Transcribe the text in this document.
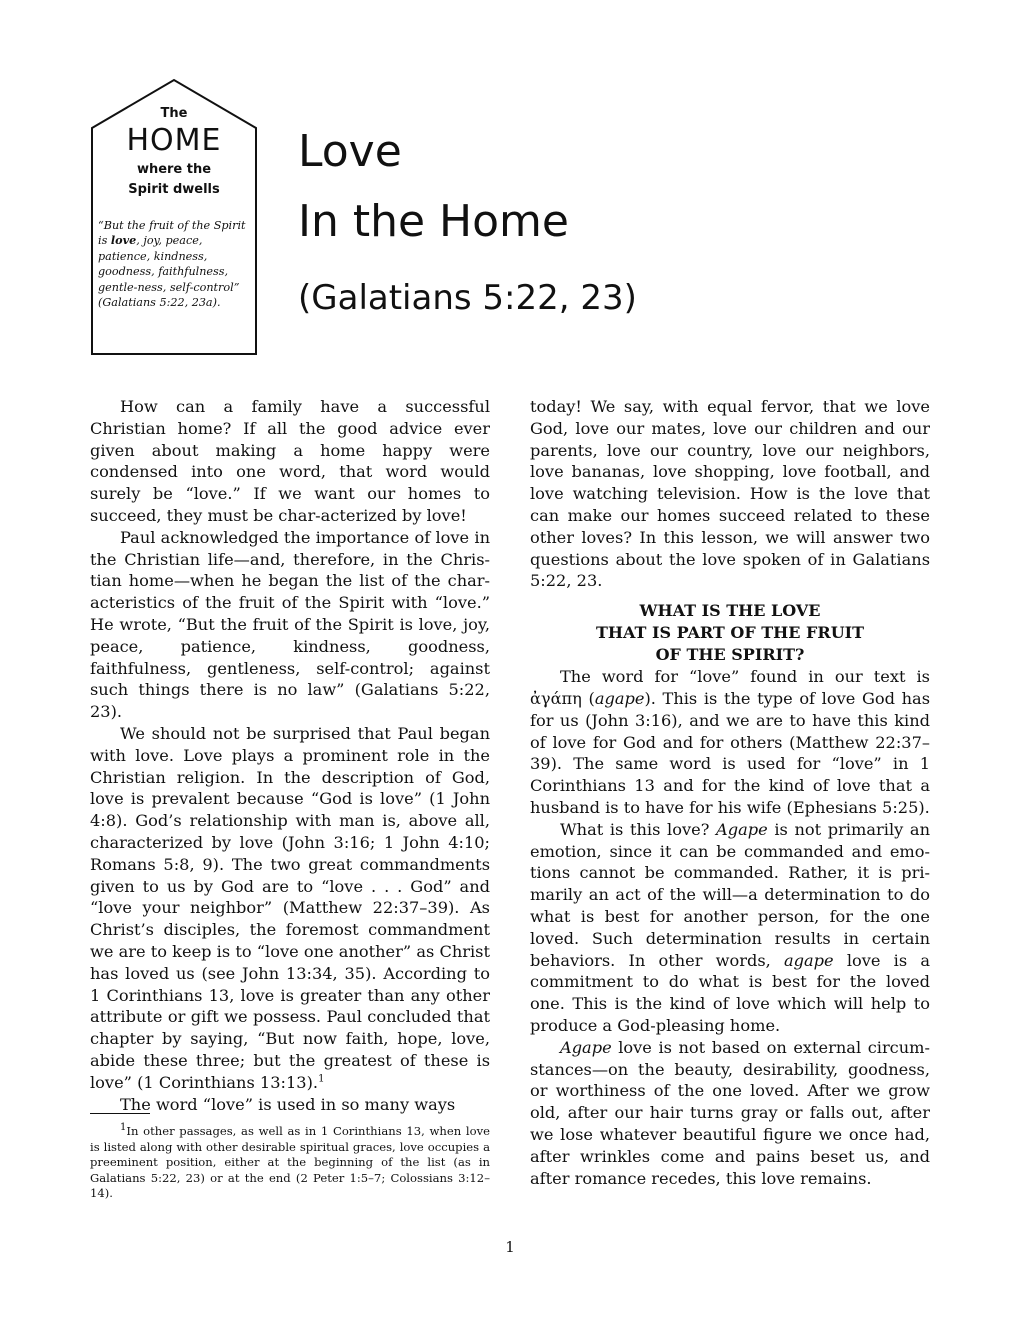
The
HOME
where the
Spirit dwells
“But the fruit of the Spirit is love, joy, peace, patience, kindness, goodness, faithfulness, gentle-ness, self-control” (Galatians 5:22, 23a).
Love
In the Home
(Galatians 5:22, 23)

How can a family have a successful Christian home? If all the good advice ever given about making a home happy were condensed into one word, that word would surely be “love.” If we want our homes to succeed, they must be char-acterized by love!

Paul acknowledged the importance of love in the Christian life—and, therefore, in the Chris-tian home—when he began the list of the char-acteristics of the fruit of the Spirit with “love.” He wrote, “But the fruit of the Spirit is love, joy, peace, patience, kindness, goodness, faithfulness, gentleness, self-control; against such things there is no law” (Galatians 5:22, 23).

We should not be surprised that Paul began with love. Love plays a prominent role in the Christian religion. In the description of God, love is prevalent because “God is love” (1 John 4:8). God’s relationship with man is, above all, characterized by love (John 3:16; 1 John 4:10; Romans 5:8, 9). The two great commandments given to us by God are to “love . . . God” and “love your neighbor” (Matthew 22:37–39). As Christ’s disciples, the foremost commandment we are to keep is to “love one another” as Christ has loved us (see John 13:34, 35). According to 1 Corinthians 13, love is greater than any other attribute or gift we possess. Paul concluded that chapter by saying, “But now faith, hope, love, abide these three; but the greatest of these is love” (1 Corinthians 13:13).$^1$

The word “love” is used in so many ways

$^1$In other passages, as well as in 1 Corinthians 13, when love is listed along with other desirable spiritual graces, love occupies a preeminent position, either at the beginning of the list (as in Galatians 5:22, 23) or at the end (2 Peter 1:5–7; Colossians 3:12–14).

today! We say, with equal fervor, that we love God, love our mates, love our children and our parents, love our country, love our neighbors, love bananas, love shopping, love football, and love watching television. How is the love that can make our homes succeed related to these other loves? In this lesson, we will answer two questions about the love spoken of in Galatians 5:22, 23.

WHAT IS THE LOVE
THAT IS PART OF THE FRUIT
OF THE SPIRIT?

The word for “love” found in our text is ἀγάπη (agape). This is the type of love God has for us (John 3:16), and we are to have this kind of love for God and for others (Matthew 22:37–39). The same word is used for “love” in 1 Corinthians 13 and for the kind of love that a husband is to have for his wife (Ephesians 5:25).

What is this love? Agape is not primarily an emotion, since it can be commanded and emo-tions cannot be commanded. Rather, it is pri-marily an act of the will—a determination to do what is best for another person, for the one loved. Such determination results in certain behaviors. In other words, agape love is a commitment to do what is best for the loved one. This is the kind of love which will help to produce a God-pleasing home.

Agape love is not based on external circum-stances—on the beauty, desirability, goodness, or worthiness of the one loved. After we grow old, after our hair turns gray or falls out, after we lose whatever beautiful figure we once had, after wrinkles come and pains beset us, and after romance recedes, this love remains.

1
